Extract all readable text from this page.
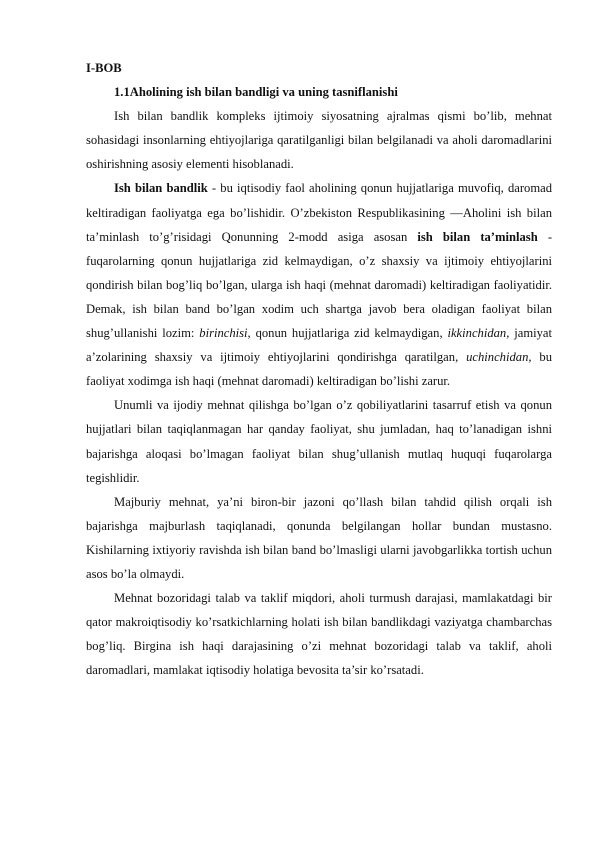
I-BOB

1.1Aholining ish bilan bandligi va uning tasniflanishi

Ish bilan bandlik kompleks ijtimoiy siyosatning ajralmas qismi bo’lib, mehnat sohasidagi insonlarning ehtiyojlariga qaratilganligi bilan belgilanadi va aholi daromadlarini oshirishning asosiy elementi hisoblanadi.

Ish bilan bandlik - bu iqtisodiy faol aholining qonun hujjatlariga muvofiq, daromad keltiradigan faoliyatga ega bo’lishidir. O’zbekiston Respublikasining ―Aholini ish bilan ta’minlash to’g’risidagi Qonunning 2-modd asiga asosan ish bilan ta’minlash - fuqarolarning qonun hujjatlariga zid kelmaydigan, o’z shaxsiy va ijtimoiy ehtiyojlarini qondirish bilan bog’liq bo’lgan, ularga ish haqi (mehnat daromadi) keltiradigan faoliyatidir. Demak, ish bilan band bo’lgan xodim uch shartga javob bera oladigan faoliyat bilan shug’ullanishi lozim: birinchisi, qonun hujjatlariga zid kelmaydigan, ikkinchidan, jamiyat a’zolarining shaxsiy va ijtimoiy ehtiyojlarini qondirishga qaratilgan, uchinchidan, bu faoliyat xodimga ish haqi (mehnat daromadi) keltiradigan bo’lishi zarur.

Unumli va ijodiy mehnat qilishga bo’lgan o’z qobiliyatlarini tasarruf etish va qonun hujjatlari bilan taqiqlanmagan har qanday faoliyat, shu jumladan, haq to’lanadigan ishni bajarishga aloqasi bo’lmagan faoliyat bilan shug’ullanish mutlaq huquqi fuqarolarga tegishlidir.

Majburiy mehnat, ya’ni biron-bir jazoni qo’llash bilan tahdid qilish orqali ish bajarishga majburlash taqiqlanadi, qonunda belgilangan hollar bundan mustasno. Kishilarning ixtiyoriy ravishda ish bilan band bo’lmasligi ularni javobgarlikka tortish uchun asos bo’la olmaydi.

Mehnat bozoridagi talab va taklif miqdori, aholi turmush darajasi, mamlakatdagi bir qator makroiqtisodiy ko’rsatkichlarning holati ish bilan bandlikdagi vaziyatga chambarchas bog’liq. Birgina ish haqi darajasining o’zi mehnat bozoridagi talab va taklif, aholi daromadlari, mamlakat iqtisodiy holatiga bevosita ta’sir ko’rsatadi.
